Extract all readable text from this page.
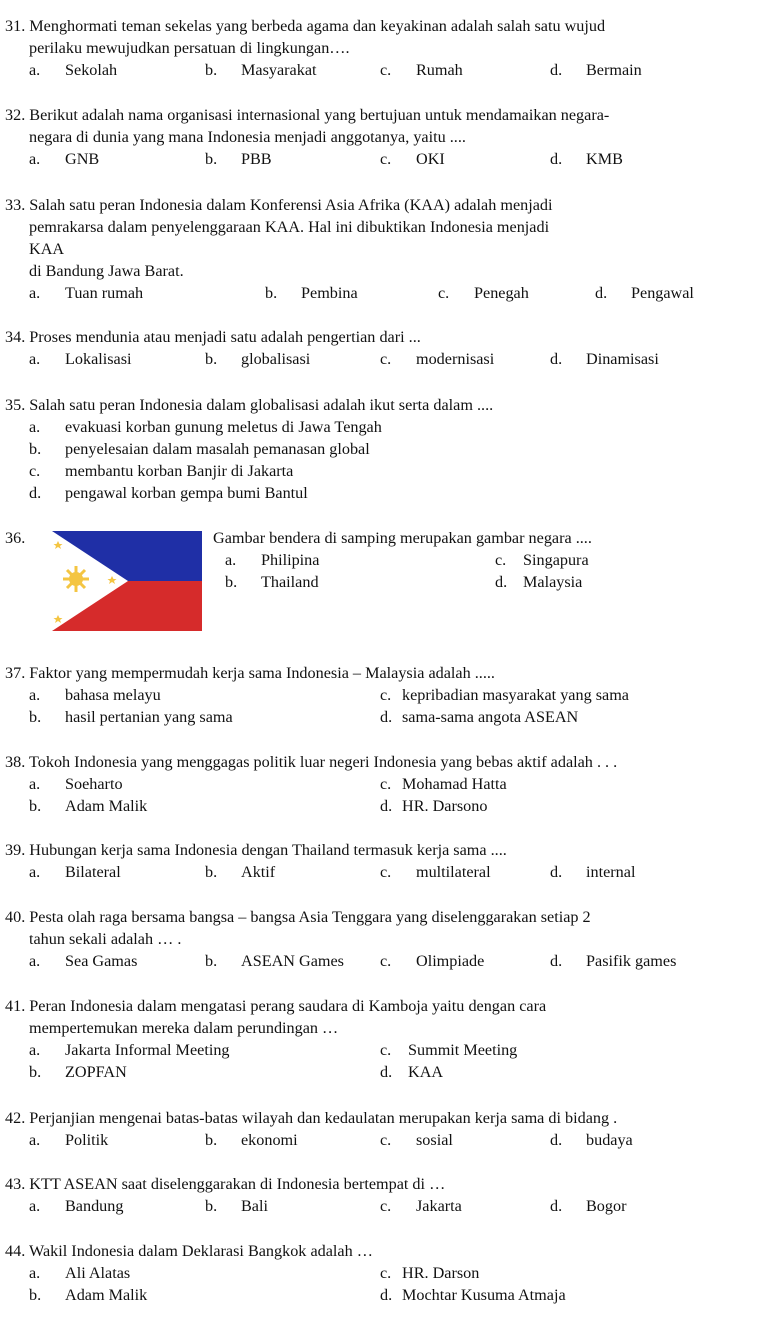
31. Menghormati teman sekelas yang berbeda agama dan keyakinan adalah salah satu wujud
perilaku mewujudkan persatuan di lingkungan….
a. Sekolah	b. Masyarakat	c. Rumah	d. Bermain
32. Berikut adalah nama organisasi internasional yang bertujuan untuk mendamaikan negara-
negara di dunia yang mana Indonesia menjadi anggotanya, yaitu ....
a. GNB	b. PBB	c. OKI	d. KMB
33. Salah satu peran Indonesia dalam Konferensi Asia Afrika (KAA) adalah menjadi
pemrakarsa dalam penyelenggaraan KAA. Hal ini dibuktikan Indonesia menjadi
KAA
di Bandung Jawa Barat.
a. Tuan rumah	b. Pembina	c. Penegah	d. Pengawal
34. Proses mendunia atau menjadi satu adalah pengertian dari ...
a. Lokalisasi	b. globalisasi	c. modernisasi	d. Dinamisasi
35. Salah satu peran Indonesia dalam globalisasi adalah ikut serta dalam ....
a. evakuasi korban gunung meletus di Jawa Tengah
b. penyelesaian dalam masalah pemanasan global
c. membantu korban Banjir di Jakarta
d. pengawal korban gempa bumi Bantul
36.	Gambar bendera di samping merupakan gambar negara ....
a. Philipina	c. Singapura
b. Thailand	d. Malaysia
37. Faktor yang mempermudah kerja sama Indonesia – Malaysia adalah .....
a. bahasa melayu	c. kepribadian masyarakat yang sama
b. hasil pertanian yang sama	d. sama-sama angota ASEAN
38. Tokoh Indonesia yang menggagas politik luar negeri Indonesia yang bebas aktif adalah . . .
a. Soeharto	c. Mohamad Hatta
b. Adam Malik	d. HR. Darsono
39. Hubungan kerja sama Indonesia dengan Thailand termasuk kerja sama ....
a. Bilateral	b. Aktif	c. multilateral	d. internal
40. Pesta olah raga bersama bangsa – bangsa Asia Tenggara yang diselenggarakan setiap 2
tahun sekali adalah … .
a. Sea Gamas	b. ASEAN Games c. Olimpiade	d. Pasifik games
41. Peran Indonesia dalam mengatasi perang saudara di Kamboja yaitu dengan cara
mempertemukan mereka dalam perundingan …
a. Jakarta Informal Meeting	c. Summit Meeting
b. ZOPFAN	d. KAA
42. Perjanjian mengenai batas-batas wilayah dan kedaulatan merupakan kerja sama di bidang .
a. Politik	b. ekonomi	c. sosial	d. budaya
43. KTT ASEAN saat diselenggarakan di Indonesia bertempat di …
a. Bandung	b. Bali	c. Jakarta	d. Bogor
44. Wakil Indonesia dalam Deklarasi Bangkok adalah …
a. Ali Alatas	c. HR. Darson
b. Adam Malik	d. Mochtar Kusuma Atmaja
